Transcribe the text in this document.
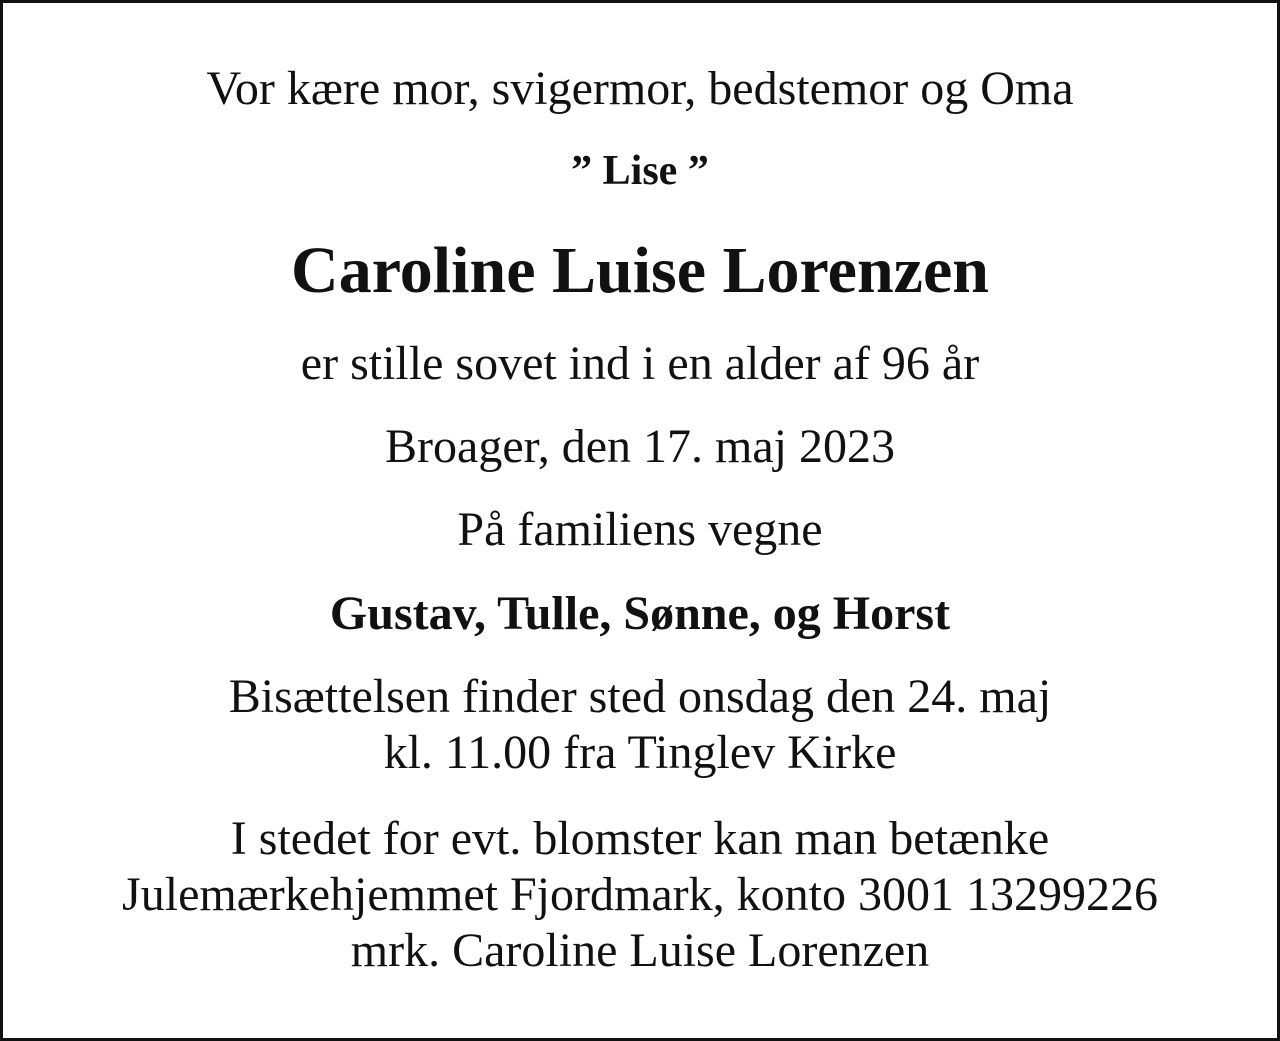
Vor kære mor, svigermor, bedstemor og Oma
” Lise ”
Caroline Luise Lorenzen
er stille sovet ind i en alder af 96 år
Broager, den 17. maj 2023
På familiens vegne
Gustav, Tulle, Sønne, og Horst
Bisættelsen finder sted onsdag den 24. maj
kl. 11.00 fra Tinglev Kirke
I stedet for evt. blomster kan man betænke
Julemærkehjemmet Fjordmark, konto 3001 13299226
mrk. Caroline Luise Lorenzen
